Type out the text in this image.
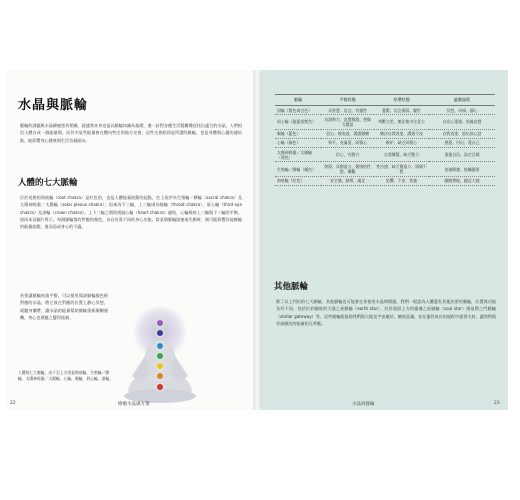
水晶與脈輪

脈輪的課題與水晶療癒密切相關，就連我本身也是以脈輪知識為基礎，進一針對各種生活疑難雜症找出適合的水晶。人們相信人體自成一個能量場，而其中某些能量會在體內特定的地方交會。這些交會點即是所謂的脈輪，也是身體與心靈的連結點，能影響身心健康與生活各個面向。

人體的七大脈輪

位於尾椎的海底輪（root chakra）是紅色的，也是人體能量流動的起點，往上依序為生殖輪／臍輪（sacral chakra）及太陽神經叢／太陽輪（solar plexus chakra）；再來為下三輪，上三輪則為喉輪（throat chakra）、眉心輪（third eye chakra）及頂輪（crown chakra）。上下三輪之間則透過心輪（heart chakra）連結，心輪維持上三輪與下三輪的平衡。如同本頁圖片所示，每個脈輪都有對應的顏色，各自負責不同的身心功能。當某個脈輪阻塞或失衡時，便可能影響其他脈輪的能量流動，進而造成身心的不適。

若要讓脈輪恢復平衡，可以使用與該脈輪顏色相對應的水晶，將它放在對應的位置上靜心冥想，或隨身攜帶，讓水晶的能量幫助脈輪重新順暢運轉，身心也會隨之變得協調。

人體的七大脈輪，由下至上分別是海底輪、生殖輪／臍輪、太陽神經叢／太陽輪、心輪、喉輪、眉心輪、頂輪。
22	療癒水晶處方箋
脈輪	平衡狀態	停滯狀態	適應過程
頂輪（紫色或白色）	具智慧、信念、有靈性	憂鬱、信念薄弱、厭世	冥想、祈禱、靜心
眉心輪（靛藍或紫色）	具洞察力、直覺敏銳、想像力豐富	判斷力差、無法集中注意力	自信心重建、培養直覺
喉輪（藍色）	信心、擅表達、溝通順暢	無法自我表達、溝通不良	自我表達、說出真心話
心輪（綠色）	和平、充滿愛、同情心	嫉妒、缺乏同理心	感恩、付出、愛自己
太陽神經叢／太陽輪（黃色）	信心、有動力	自我懷疑、缺乏動力	重建自信、設定目標
生殖輪／臍輪（橘色）	熱情、具創造力、健康的性慾、樂觀	性冷感、缺乏創造力、情緒不穩	培養興趣、接觸藝術
海底輪（紅色）	安全感、踏實、滿足	恐懼、不安、焦慮	腳踏實地、親近大地
其他脈輪

除了以上列出的七大脈輪，其他脈輪也可能會在你使用水晶時開啟。我們一般認為人體還有其他次要的脈輪，位置與功能各有不同，包括位於腳底的大地之星脈輪（earth star）、位於頭頂上方的靈魂之星脈輪（soul star）與星際之門脈輪（stellar gateway）等。這些脈輪能協助我們與大地及宇宙連結，擴展意識，並在靈性成長的過程中提供支持，讓我們與更高層次的能量相互呼應。

水晶與脈輪	23
